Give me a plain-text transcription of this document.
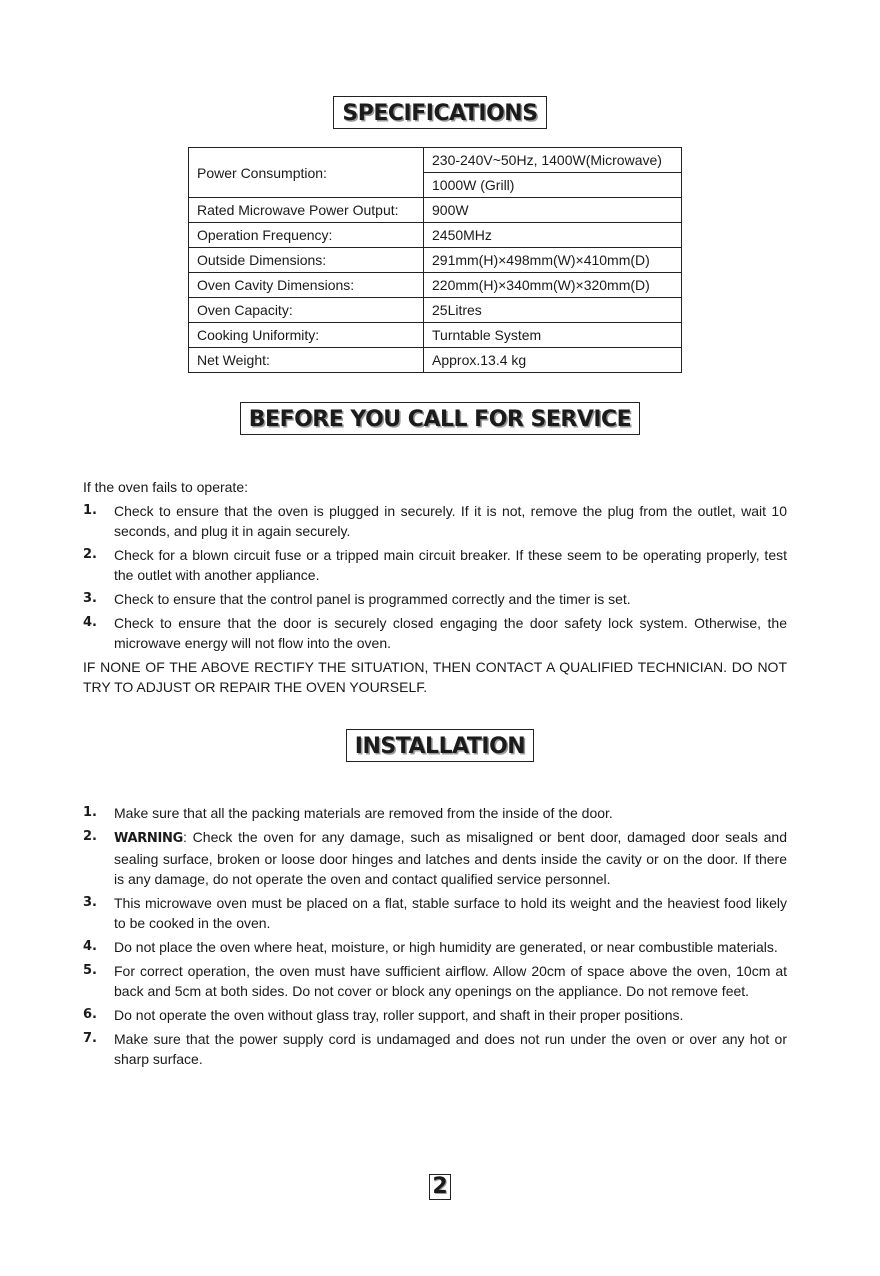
SPECIFICATIONS
Power Consumption:	230-240V~50Hz, 1400W(Microwave)
	1000W (Grill)
Rated Microwave Power Output:	900W
Operation Frequency:	2450MHz
Outside Dimensions:	291mm(H)×498mm(W)×410mm(D)
Oven Cavity Dimensions:	220mm(H)×340mm(W)×320mm(D)
Oven Capacity:	25Litres
Cooking Uniformity:	Turntable System
Net Weight:	Approx.13.4 kg
BEFORE YOU CALL FOR SERVICE

If the oven fails to operate:

1. Check to ensure that the oven is plugged in securely. If it is not, remove the plug from the outlet, wait 10 seconds, and plug it in again securely.
2. Check for a blown circuit fuse or a tripped main circuit breaker. If these seem to be operating properly, test the outlet with another appliance.
3. Check to ensure that the control panel is programmed correctly and the timer is set.
4. Check to ensure that the door is securely closed engaging the door safety lock system. Otherwise, the microwave energy will not flow into the oven.

IF NONE OF THE ABOVE RECTIFY THE SITUATION, THEN CONTACT A QUALIFIED TECHNICIAN. DO NOT TRY TO ADJUST OR REPAIR THE OVEN YOURSELF.

INSTALLATION
1. Make sure that all the packing materials are removed from the inside of the door.
2. WARNING: Check the oven for any damage, such as misaligned or bent door, damaged door seals and sealing surface, broken or loose door hinges and latches and dents inside the cavity or on the door. If there is any damage, do not operate the oven and contact qualified service personnel.
3. This microwave oven must be placed on a flat, stable surface to hold its weight and the heaviest food likely to be cooked in the oven.
4. Do not place the oven where heat, moisture, or high humidity are generated, or near combustible materials.
5. For correct operation, the oven must have sufficient airflow. Allow 20cm of space above the oven, 10cm at back and 5cm at both sides. Do not cover or block any openings on the appliance. Do not remove feet.
6. Do not operate the oven without glass tray, roller support, and shaft in their proper positions.
7. Make sure that the power supply cord is undamaged and does not run under the oven or over any hot or sharp surface.
2
